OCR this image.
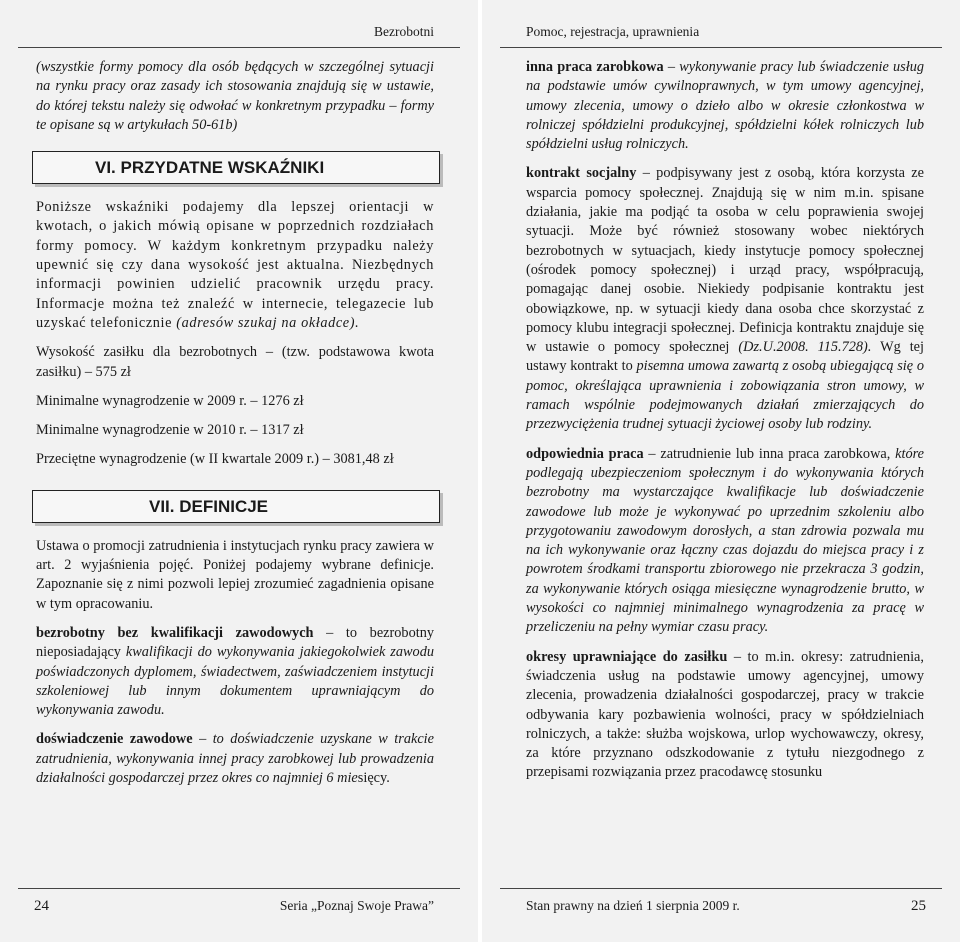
Bezrobotni

(wszystkie formy pomocy dla osób będących w szczególnej sytuacji na rynku pracy oraz zasady ich stosowania znajdują się w ustawie, do której tekstu należy się odwołać w konkretnym przypadku – formy te opisane są w artykułach 50-61b)

VI. PRZYDATNE WSKAŹNIKI

Poniższe wskaźniki podajemy dla lepszej orientacji w kwotach, o jakich mówią opisane w poprzednich rozdziałach formy pomocy. W każdym konkretnym przypadku należy upewnić się czy dana wysokość jest aktualna. Niezbędnych informacji powinien udzielić pracownik urzędu pracy. Informacje można też znaleźć w internecie, telegazecie lub uzyskać telefonicznie (adresów szukaj na okładce).

Wysokość zasiłku dla bezrobotnych – (tzw. podstawowa kwota zasiłku) – 575 zł

Minimalne wynagrodzenie w 2009 r. – 1276 zł

Minimalne wynagrodzenie w 2010 r. – 1317 zł

Przeciętne wynagrodzenie (w II kwartale 2009 r.) – 3081,48 zł

VII. DEFINICJE

Ustawa o promocji zatrudnienia i instytucjach rynku pracy zawiera w art. 2 wyjaśnienia pojęć. Poniżej podajemy wybrane definicje. Zapoznanie się z nimi pozwoli lepiej zrozumieć zagadnienia opisane w tym opracowaniu.

bezrobotny bez kwalifikacji zawodowych – to bezrobotny nieposiadający kwalifikacji do wykonywania jakiegokolwiek zawodu poświadczonych dyplomem, świadectwem, zaświadczeniem instytucji szkoleniowej lub innym dokumentem uprawniającym do wykonywania zawodu.

doświadczenie zawodowe – to doświadczenie uzyskane w trakcie zatrudnienia, wykonywania innej pracy zarobkowej lub prowadzenia działalności gospodarczej przez okres co najmniej 6 miesięcy.

24	Seria „Poznaj Swoje Prawa”
Pomoc, rejestracja, uprawnienia

inna praca zarobkowa – wykonywanie pracy lub świadczenie usług na podstawie umów cywilnoprawnych, w tym umowy agencyjnej, umowy zlecenia, umowy o dzieło albo w okresie członkostwa w rolniczej spółdzielni produkcyjnej, spółdzielni kółek rolniczych lub spółdzielni usług rolniczych.

kontrakt socjalny – podpisywany jest z osobą, która korzysta ze wsparcia pomocy społecznej. Znajdują się w nim m.in. spisane działania, jakie ma podjąć ta osoba w celu poprawienia swojej sytuacji. Może być również stosowany wobec niektórych bezrobotnych w sytuacjach, kiedy instytucje pomocy społecznej (ośrodek pomocy społecznej) i urząd pracy, współpracują, pomagając danej osobie. Niekiedy podpisanie kontraktu jest obowiązkowe, np. w sytuacji kiedy dana osoba chce skorzystać z pomocy klubu integracji społecznej. Definicja kontraktu znajduje się w ustawie o pomocy społecznej (Dz.U.2008. 115.728). Wg tej ustawy kontrakt to pisemna umowa zawartą z osobą ubiegającą się o pomoc, określająca uprawnienia i zobowiązania stron umowy, w ramach wspólnie podejmowanych działań zmierzających do przezwyciężenia trudnej sytuacji życiowej osoby lub rodziny.

odpowiednia praca – zatrudnienie lub inna praca zarobkowa, które podlegają ubezpieczeniom społecznym i do wykonywania których bezrobotny ma wystarczające kwalifikacje lub doświadczenie zawodowe lub może je wykonywać po uprzednim szkoleniu albo przygotowaniu zawodowym dorosłych, a stan zdrowia pozwala mu na ich wykonywanie oraz łączny czas dojazdu do miejsca pracy i z powrotem środkami transportu zbiorowego nie przekracza 3 godzin, za wykonywanie których osiąga miesięczne wynagrodzenie brutto, w wysokości co najmniej minimalnego wynagrodzenia za pracę w przeliczeniu na pełny wymiar czasu pracy.

okresy uprawniające do zasiłku – to m.in. okresy: zatrudnienia, świadczenia usług na podstawie umowy agencyjnej, umowy zlecenia, prowadzenia działalności gospodarczej, pracy w trakcie odbywania kary pozbawienia wolności, pracy w spółdzielniach rolniczych, a także: służba wojskowa, urlop wychowawczy, okresy, za które przyznano odszkodowanie z tytułu niezgodnego z przepisami rozwiązania przez pracodawcę stosunku

Stan prawny na dzień 1 sierpnia 2009 r.	25
